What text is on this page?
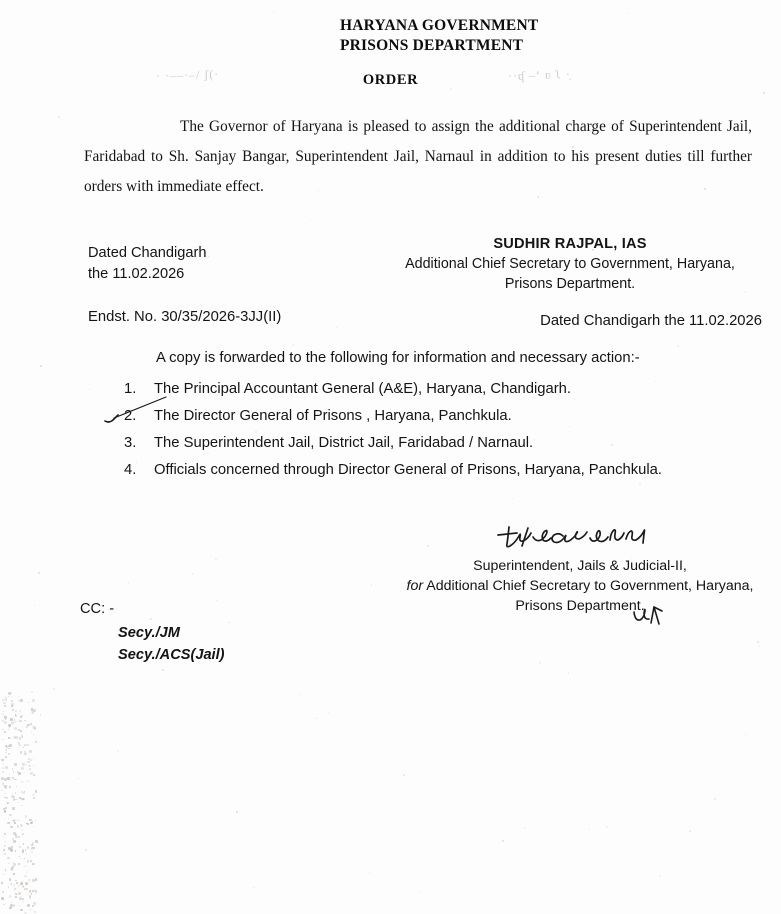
· ·‒‒·‒/ ʃ(·	··ʠ ‒ʻ ʋ ʅ ·̣
HARYANA GOVERNMENT
PRISONS DEPARTMENT
ORDER
The Governor of Haryana is pleased to assign the additional charge of Superintendent Jail, Faridabad to Sh. Sanjay Bangar, Superintendent Jail, Narnaul in addition to his present duties till further orders with immediate effect.
Dated Chandigarh
the 11.02.2026
SUDHIR RAJPAL, IAS
Additional Chief Secretary to Government, Haryana,
Prisons Department.
Endst. No. 30/35/2026-3JJ(II)	Dated Chandigarh the 11.02.2026
A copy is forwarded to the following for information and necessary action:-
1.	The Principal Accountant General (A&E), Haryana, Chandigarh.
2.	The Director General of Prisons , Haryana, Panchkula.
3.	The Superintendent Jail, District Jail, Faridabad / Narnaul.
4.	Officials concerned through Director General of Prisons, Haryana, Panchkula.
Superintendent, Jails & Judicial-II,
for Additional Chief Secretary to Government, Haryana,
Prisons Department.
CC: -
Secy./JM
Secy./ACS(Jail)
